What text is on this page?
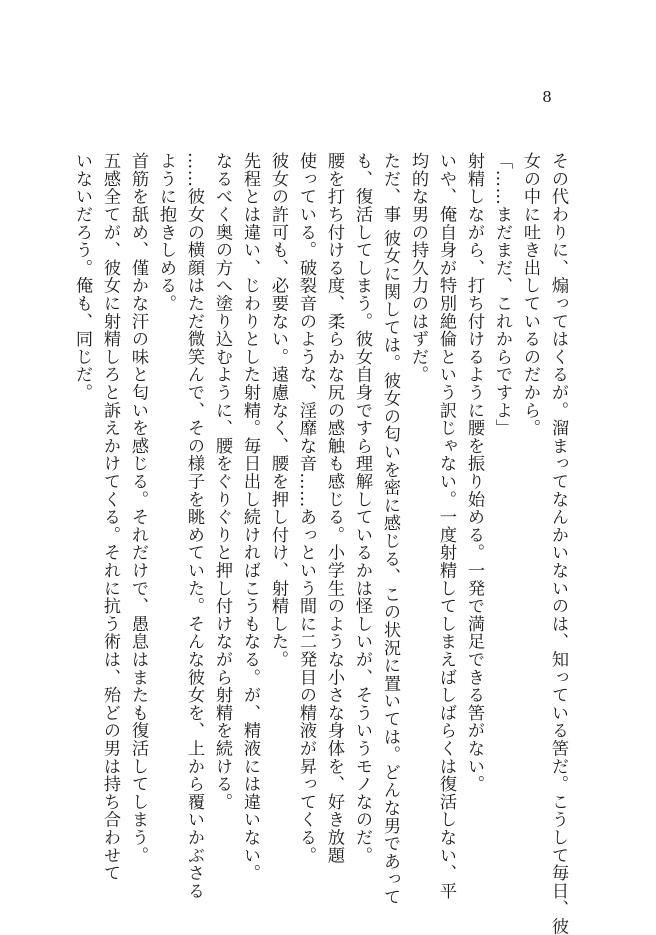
8

その代わりに、煽ってはくるが。溜まってなんかいないのは、知っている筈だ。こうして毎日、彼

女の中に吐き出しているのだから。

「……まだまだ、これからですよ」

射精しながら、打ち付けるように腰を振り始める。一発で満足できる筈がない。

いや、俺自身が特別絶倫という訳じゃない。一度射精してしまえばしばらくは復活しない、平

均的な男の持久力のはずだ。

ただ、事 彼女に関しては。彼女の匂いを密に感じる、この状況に置いては。どんな男であって

も、復活してしまう。彼女自身ですら理解しているかは怪しいが、そういうモノなのだ。

腰を打ち付ける度、柔らかな尻の感触も感じる。小学生のような小さな身体を、好き放題

使っている。破裂音のような、淫靡な音……あっという間に二発目の精液が昇ってくる。

彼女の許可も、必要ない。遠慮なく、腰を押し付け、射精した。

先程とは違い、じわりとした射精。毎日出し続ければこうもなる。が、精液には違いない。

なるべく奥の方へ塗り込むように、腰をぐりぐりと押し付けながら射精を続ける。

……彼女の横顔はただ微笑んで、その様子を眺めていた。そんな彼女を、上から覆いかぶさる

ように抱きしめる。

首筋を舐め、僅かな汗の味と匂いを感じる。それだけで、愚息はまたも復活してしまう。

五感全てが、彼女に射精しろと訴えかけてくる。それに抗う術は、殆どの男は持ち合わせて

いないだろう。俺も、同じだ。
